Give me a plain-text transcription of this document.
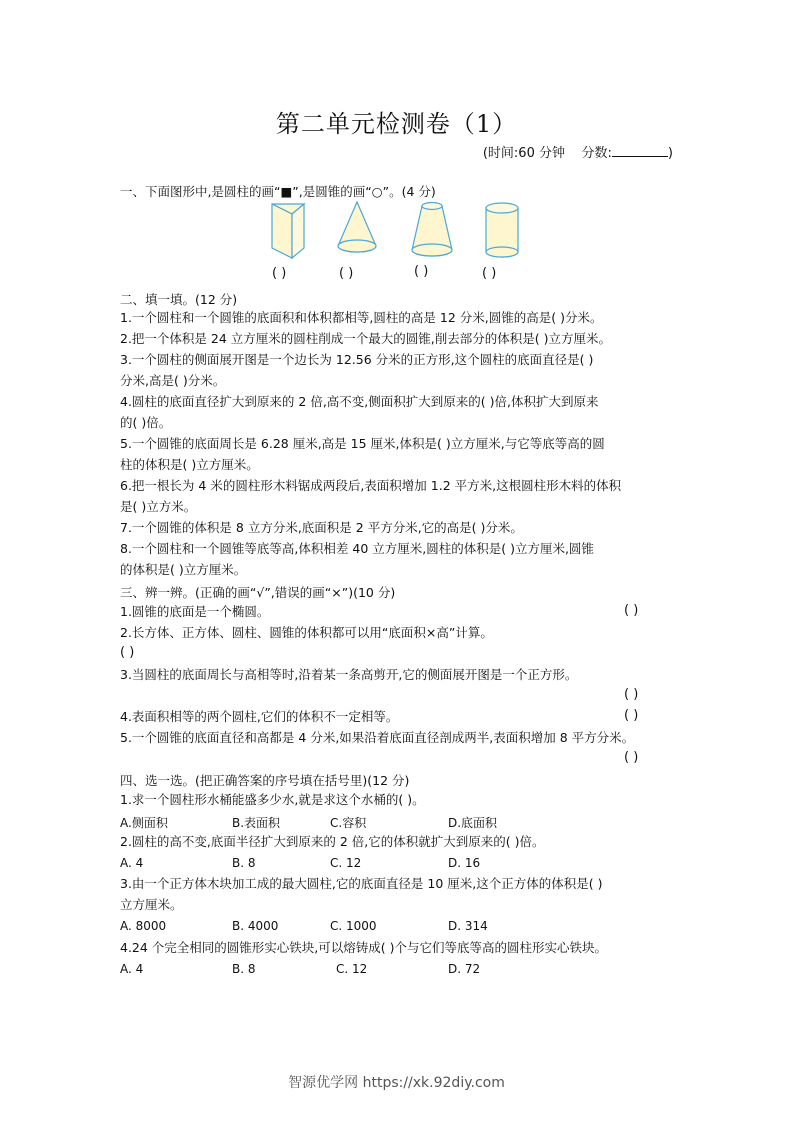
第二单元检测卷（1）
(时间:60 分钟 分数:	)
一、下面图形中,是圆柱的画“■”,是圆锥的画“○”。(4 分)
( )	( )	( )	( )
二、填一填。(12 分)
1.一个圆柱和一个圆锥的底面积和体积都相等,圆柱的高是 12 分米,圆锥的高是( )分米。
2.把一个体积是 24 立方厘米的圆柱削成一个最大的圆锥,削去部分的体积是( )立方厘米。
3.一个圆柱的侧面展开图是一个边长为 12.56 分米的正方形,这个圆柱的底面直径是( )
分米,高是( )分米。
4.圆柱的底面直径扩大到原来的 2 倍,高不变,侧面积扩大到原来的( )倍,体积扩大到原来
的( )倍。
5.一个圆锥的底面周长是 6.28 厘米,高是 15 厘米,体积是( )立方厘米,与它等底等高的圆
柱的体积是( )立方厘米。
6.把一根长为 4 米的圆柱形木料锯成两段后,表面积增加 1.2 平方米,这根圆柱形木料的体积
是( )立方米。
7.一个圆锥的体积是 8 立方分米,底面积是 2 平方分米,它的高是( )分米。
8.一个圆柱和一个圆锥等底等高,体积相差 40 立方厘米,圆柱的体积是( )立方厘米,圆锥
的体积是( )立方厘米。
三、辨一辨。(正确的画“√”,错误的画“×”)(10 分)
1.圆锥的底面是一个椭圆。	( )
2.长方体、正方体、圆柱、圆锥的体积都可以用“底面积×高”计算。
( )
3.当圆柱的底面周长与高相等时,沿着某一条高剪开,它的侧面展开图是一个正方形。
( )
4.表面积相等的两个圆柱,它们的体积不一定相等。	( )
5.一个圆锥的底面直径和高都是 4 分米,如果沿着底面直径剖成两半,表面积增加 8 平方分米。
( )
四、选一选。(把正确答案的序号填在括号里)(12 分)
1.求一个圆柱形水桶能盛多少水,就是求这个水桶的( )。
A.侧面积	B.表面积	C.容积	D.底面积
2.圆柱的高不变,底面半径扩大到原来的 2 倍,它的体积就扩大到原来的( )倍。
A. 4	B. 8	C. 12	D. 16
3.由一个正方体木块加工成的最大圆柱,它的底面直径是 10 厘米,这个正方体的体积是( )
立方厘米。
A. 8000	B. 4000	C. 1000	D. 314
4.24 个完全相同的圆锥形实心铁块,可以熔铸成( )个与它们等底等高的圆柱形实心铁块。
A. 4	B. 8	C. 12	D. 72
智源优学网 https://xk.92diy.com
